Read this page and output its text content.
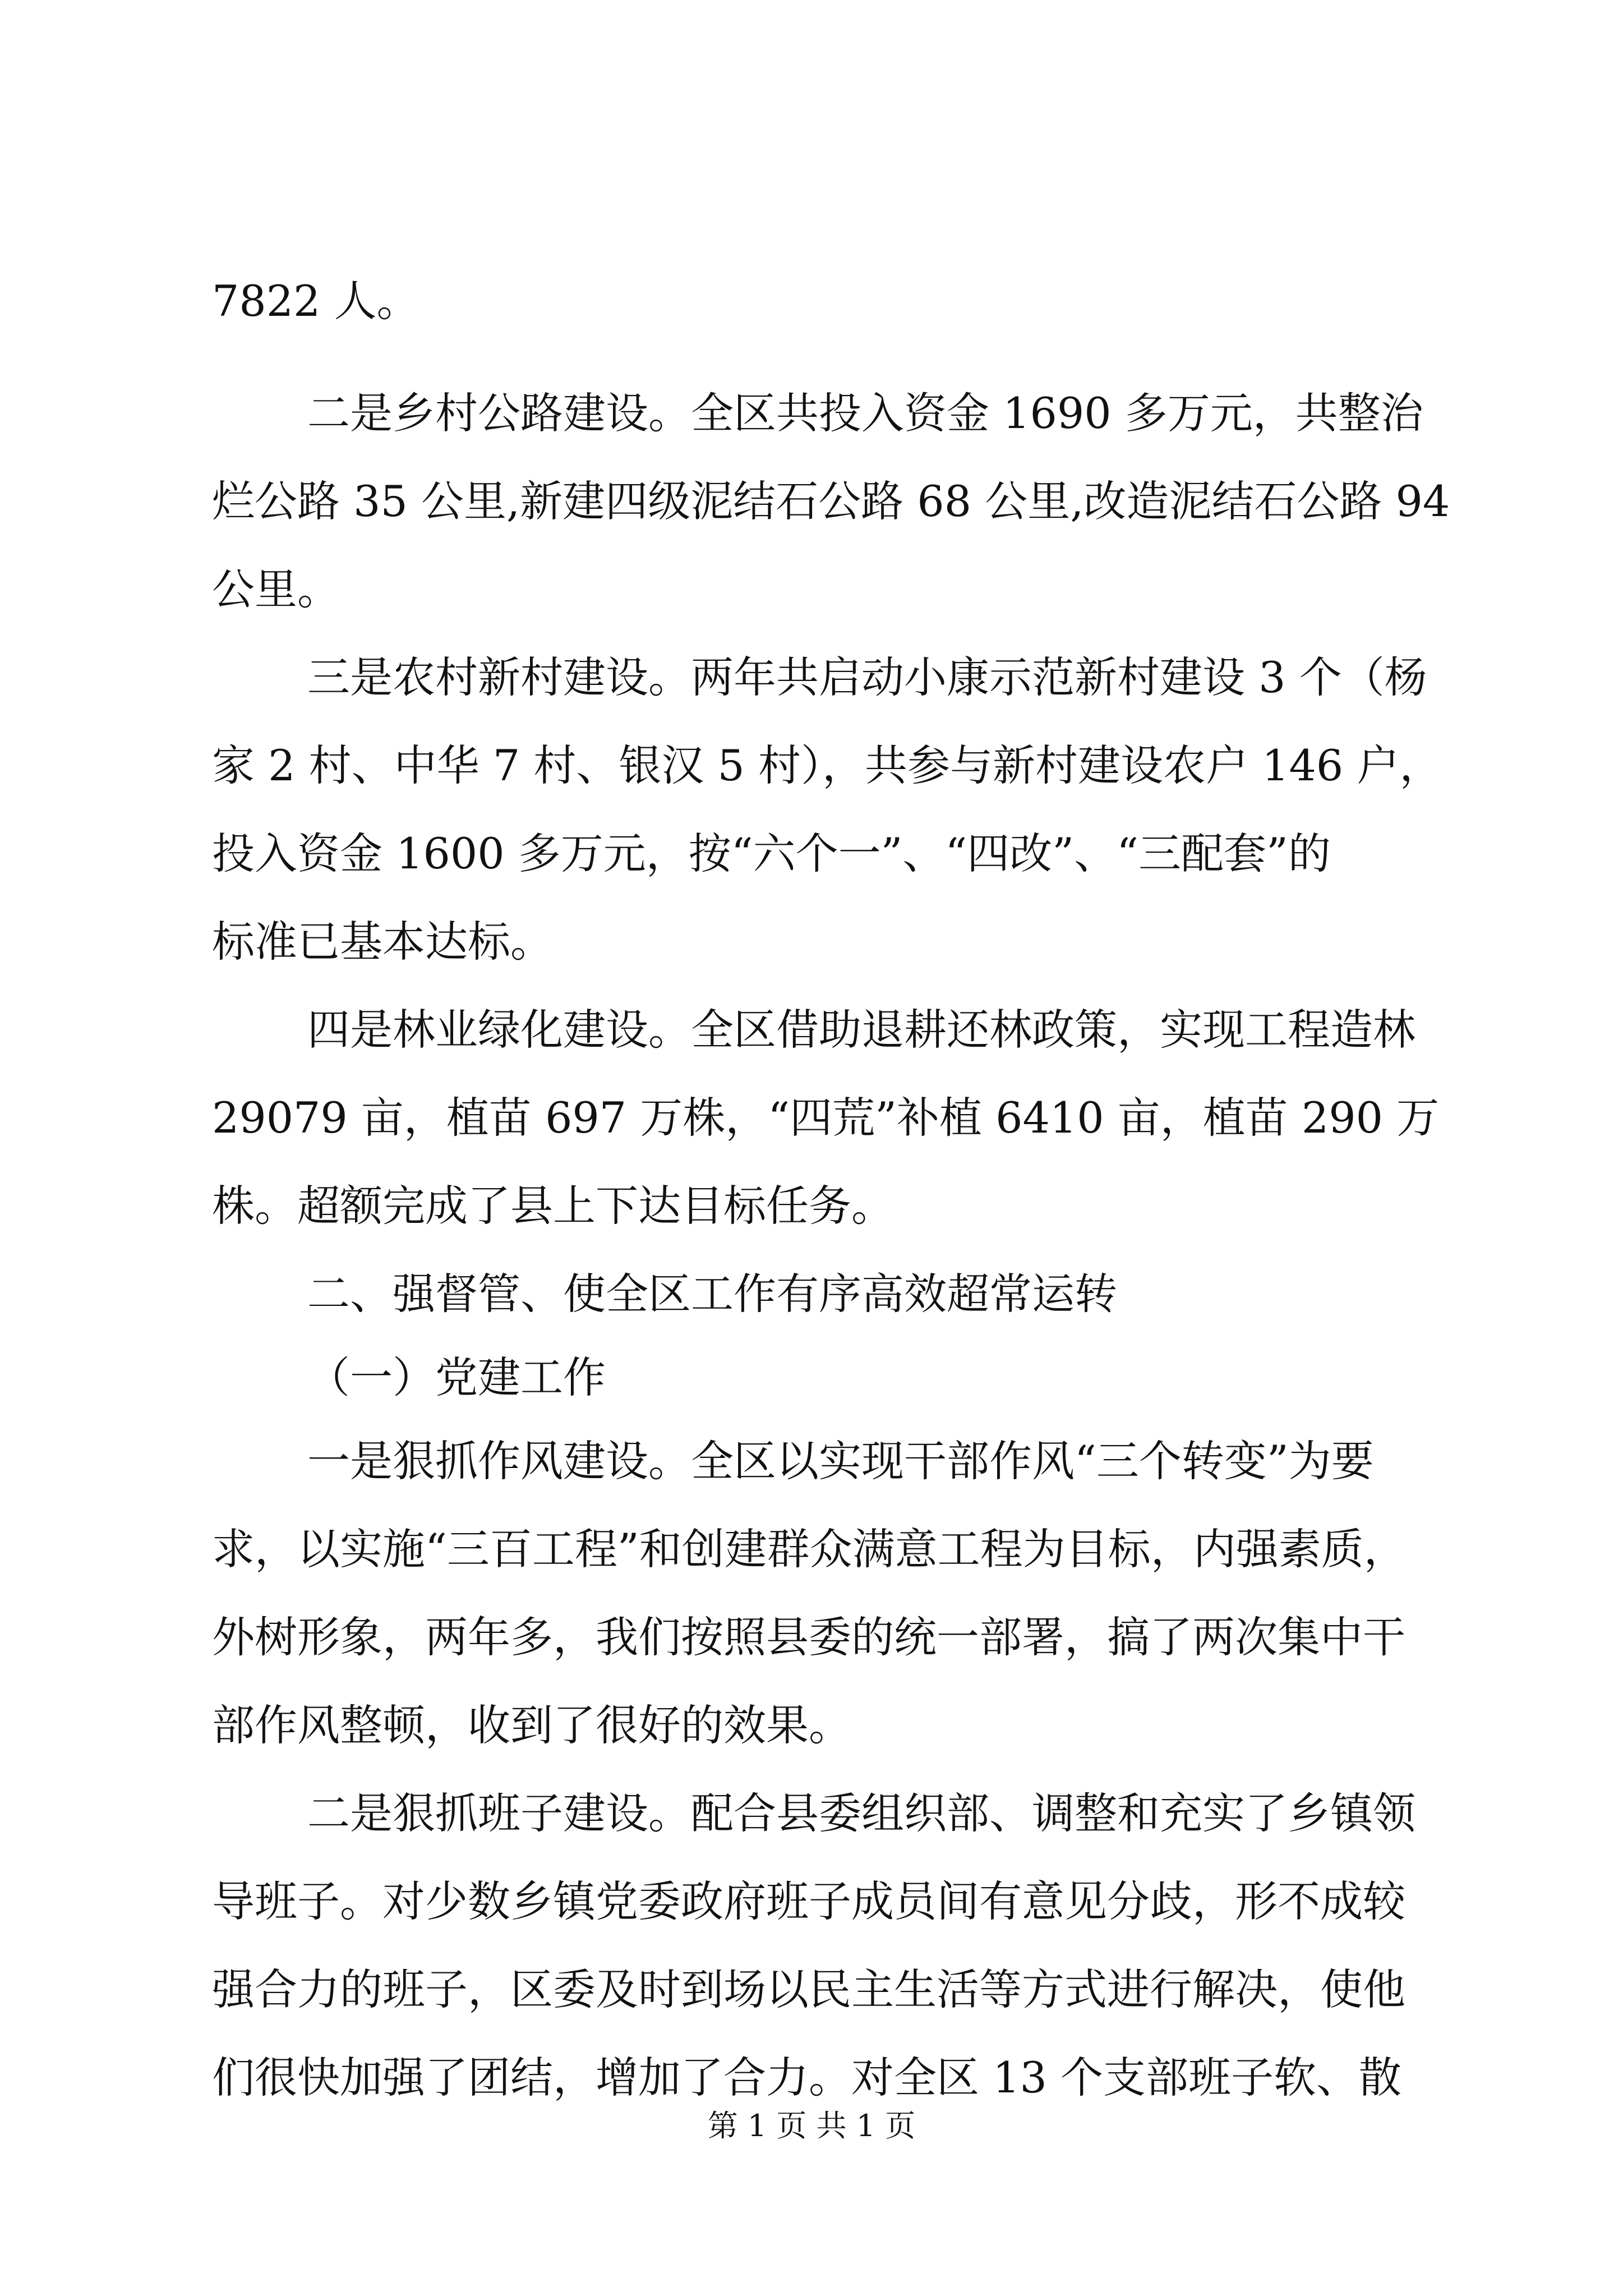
7822 人。

二是乡村公路建设。全区共投入资金 1690 多万元，共整治

烂公路 35 公里,新建四级泥结石公路 68 公里,改造泥结石公路 94

公里。

三是农村新村建设。两年共启动小康示范新村建设 3 个（杨

家 2 村、中华 7 村、银汉 5 村），共参与新村建设农户 146 户，

投入资金 1600 多万元，按“六个一”、“四改”、“三配套”的

标准已基本达标。

四是林业绿化建设。全区借助退耕还林政策，实现工程造林

29079 亩，植苗 697 万株，“四荒”补植 6410 亩，植苗 290 万

株。超额完成了县上下达目标任务。

二、强督管、使全区工作有序高效超常运转

（一）党建工作

一是狠抓作风建设。全区以实现干部作风“三个转变”为要

求，以实施“三百工程”和创建群众满意工程为目标，内强素质，

外树形象，两年多，我们按照县委的统一部署，搞了两次集中干

部作风整顿，收到了很好的效果。

二是狠抓班子建设。配合县委组织部、调整和充实了乡镇领

导班子。对少数乡镇党委政府班子成员间有意见分歧，形不成较

强合力的班子，区委及时到场以民主生活等方式进行解决，使他

们很快加强了团结，增加了合力。对全区 13 个支部班子软、散

第 1 页 共 1 页
